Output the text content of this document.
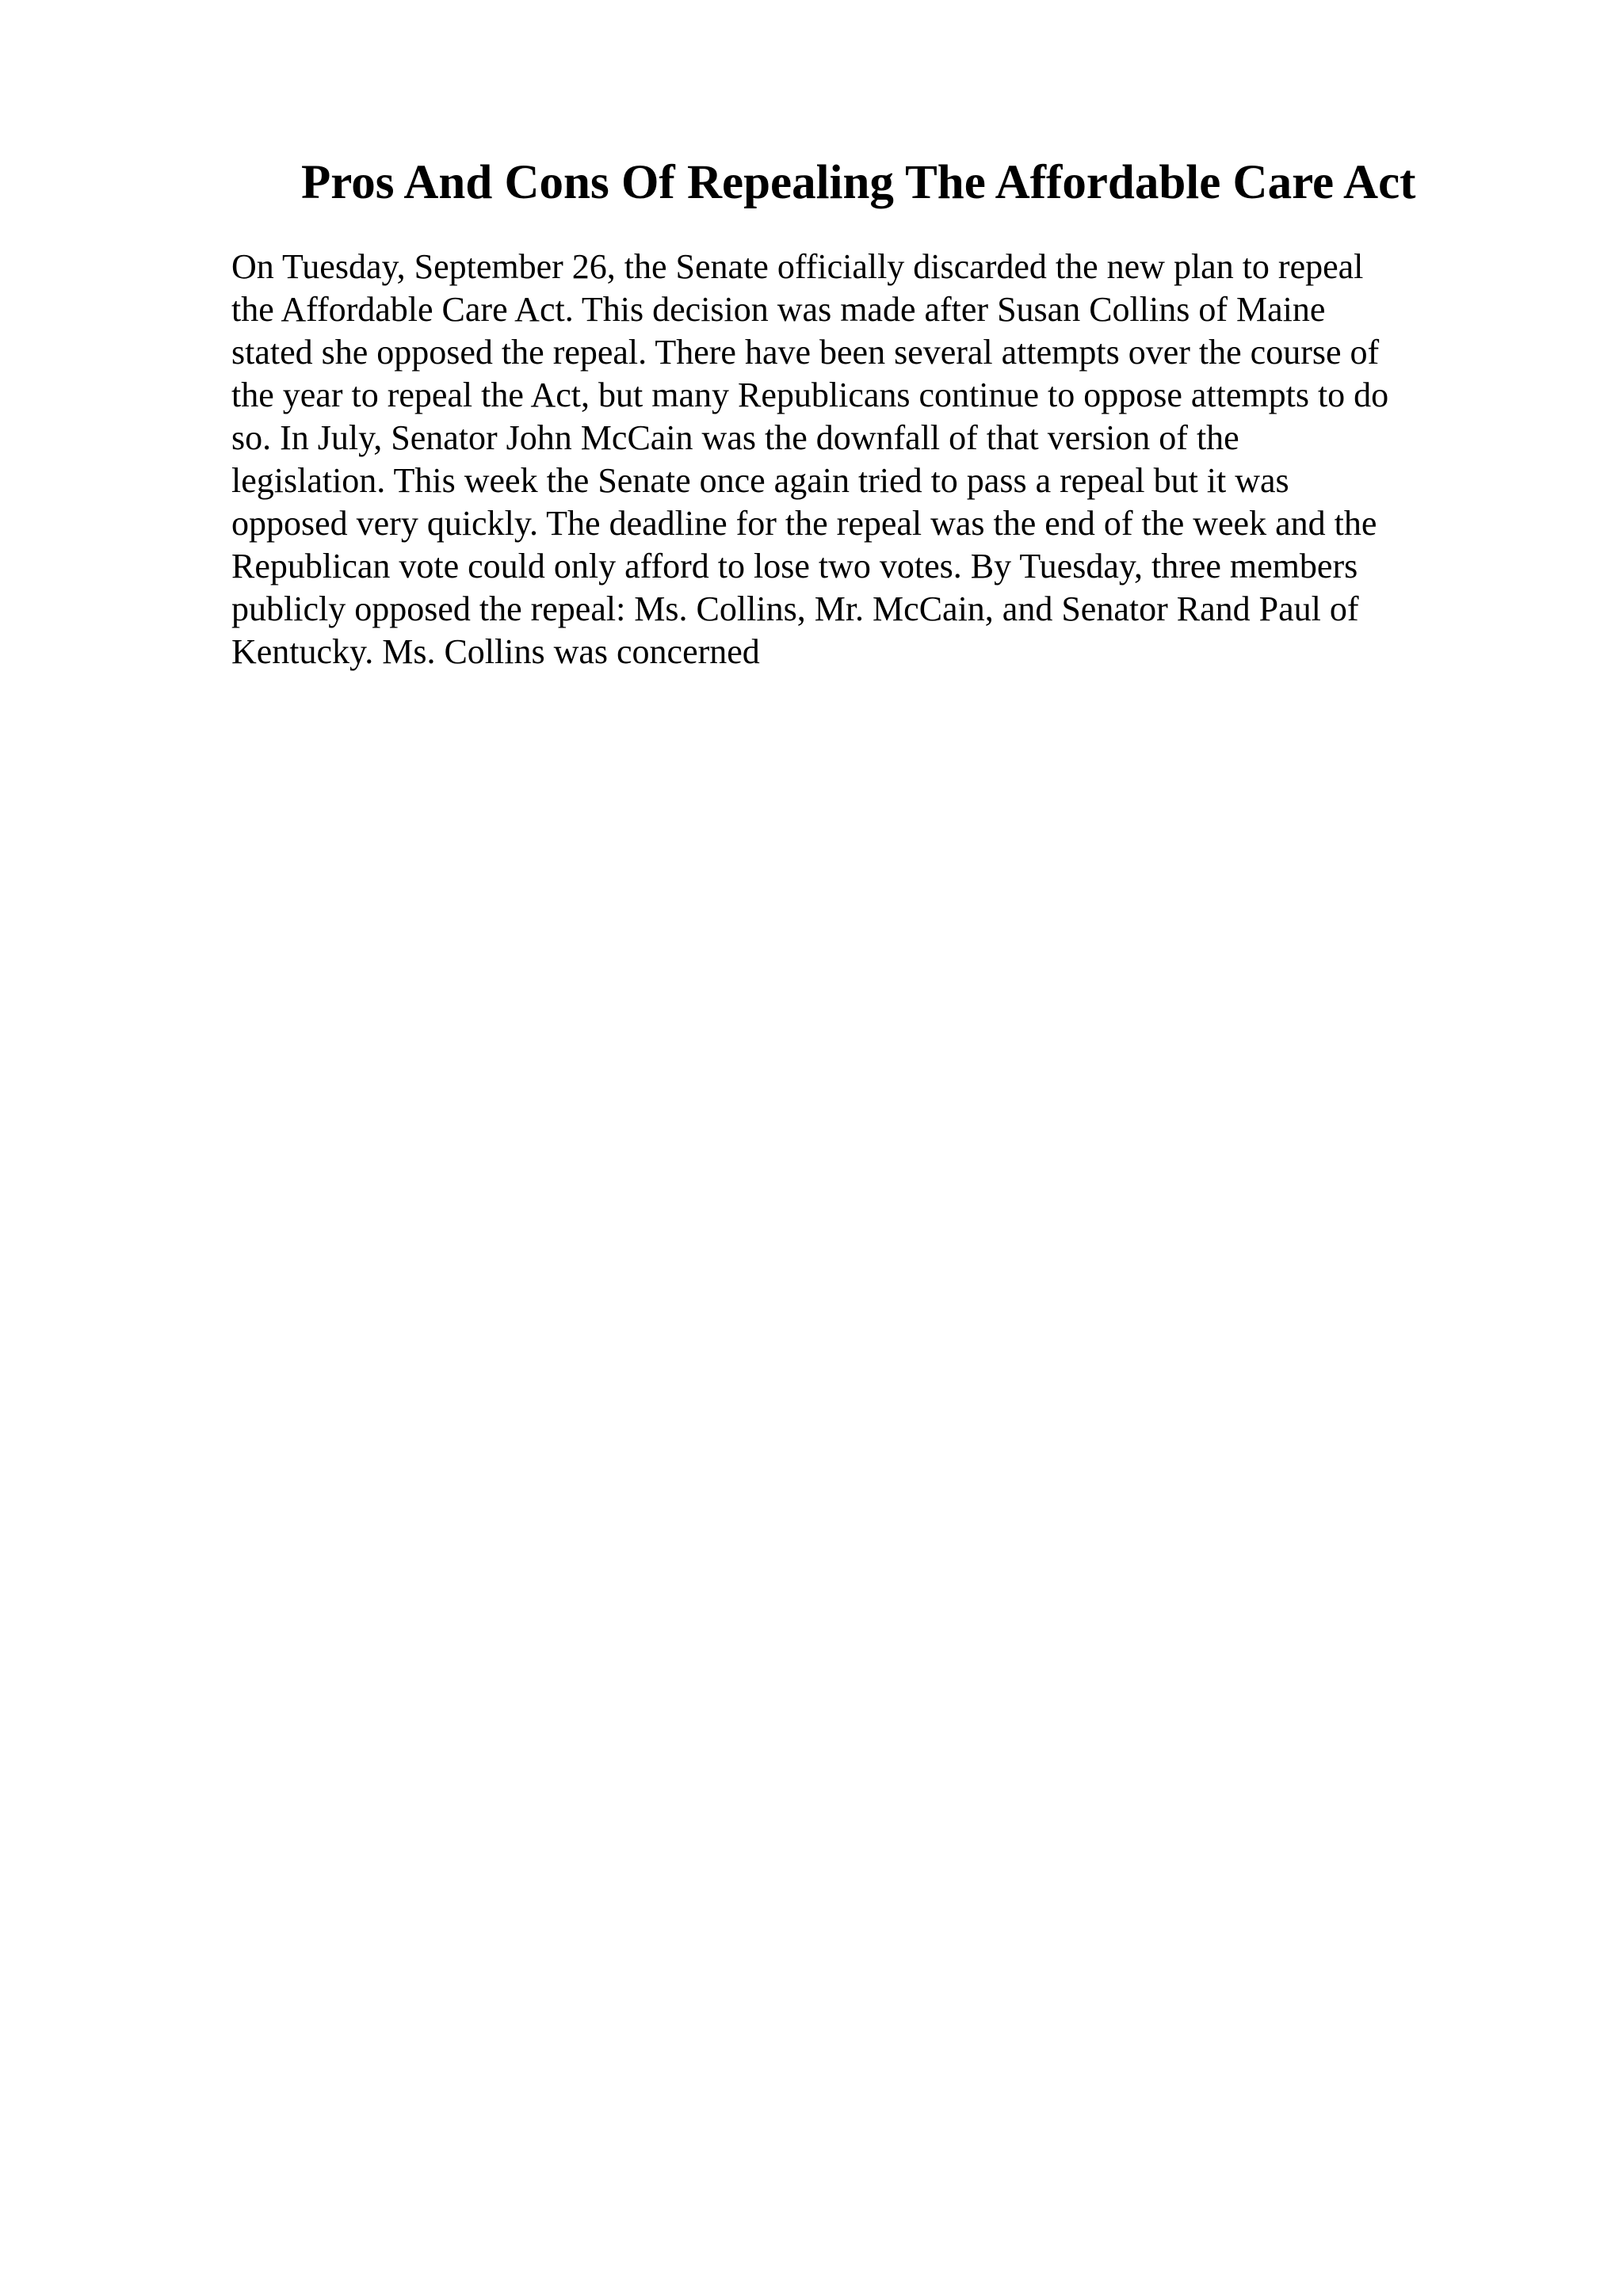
Pros And Cons Of Repealing The Affordable Care Act
On Tuesday, September 26, the Senate officially discarded the new plan to repeal
the Affordable Care Act. This decision was made after Susan Collins of Maine
stated she opposed the repeal. There have been several attempts over the course of
the year to repeal the Act, but many Republicans continue to oppose attempts to do
so. In July, Senator John McCain was the downfall of that version of the
legislation. This week the Senate once again tried to pass a repeal but it was
opposed very quickly. The deadline for the repeal was the end of the week and the
Republican vote could only afford to lose two votes. By Tuesday, three members
publicly opposed the repeal: Ms. Collins, Mr. McCain, and Senator Rand Paul of
Kentucky. Ms. Collins was concerned
